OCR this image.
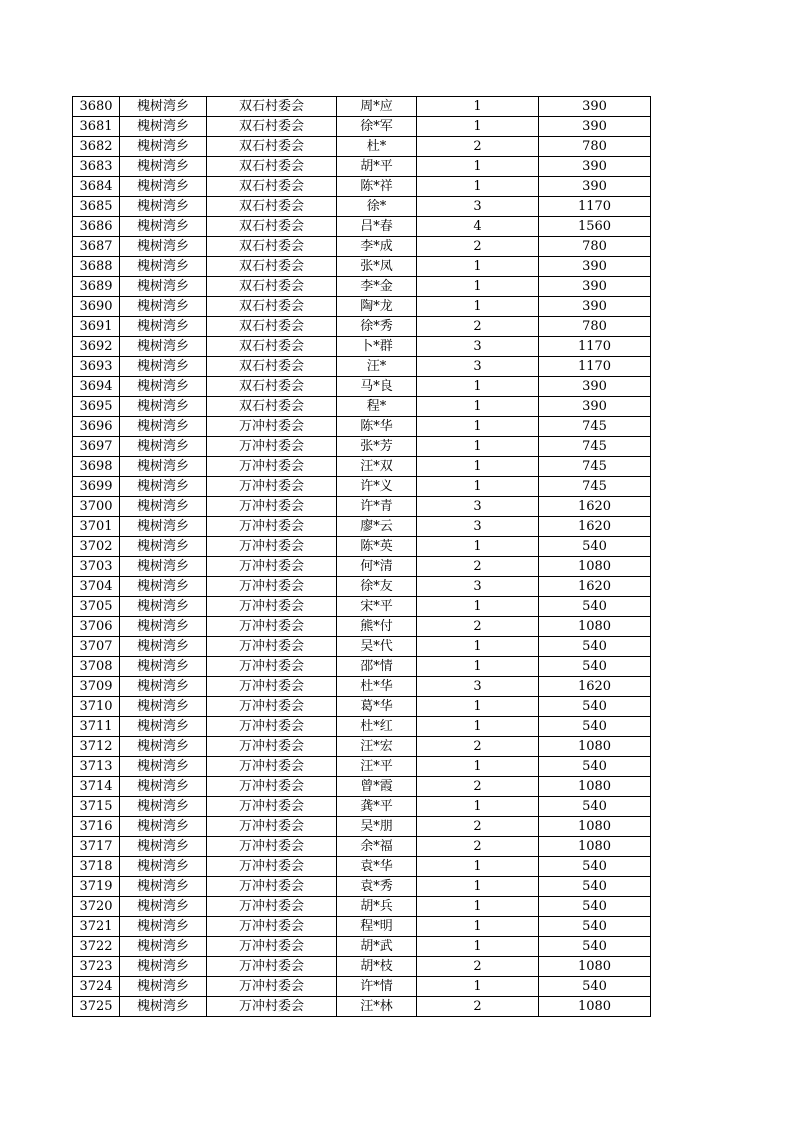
3680	槐树湾乡	双石村委会	周*应	1	390
3681	槐树湾乡	双石村委会	徐*军	1	390
3682	槐树湾乡	双石村委会	杜*	2	780
3683	槐树湾乡	双石村委会	胡*平	1	390
3684	槐树湾乡	双石村委会	陈*祥	1	390
3685	槐树湾乡	双石村委会	徐*	3	1170
3686	槐树湾乡	双石村委会	吕*春	4	1560
3687	槐树湾乡	双石村委会	李*成	2	780
3688	槐树湾乡	双石村委会	张*凤	1	390
3689	槐树湾乡	双石村委会	李*金	1	390
3690	槐树湾乡	双石村委会	陶*龙	1	390
3691	槐树湾乡	双石村委会	徐*秀	2	780
3692	槐树湾乡	双石村委会	卜*群	3	1170
3693	槐树湾乡	双石村委会	汪*	3	1170
3694	槐树湾乡	双石村委会	马*良	1	390
3695	槐树湾乡	双石村委会	程*	1	390
3696	槐树湾乡	万冲村委会	陈*华	1	745
3697	槐树湾乡	万冲村委会	张*芳	1	745
3698	槐树湾乡	万冲村委会	汪*双	1	745
3699	槐树湾乡	万冲村委会	许*义	1	745
3700	槐树湾乡	万冲村委会	许*青	3	1620
3701	槐树湾乡	万冲村委会	廖*云	3	1620
3702	槐树湾乡	万冲村委会	陈*英	1	540
3703	槐树湾乡	万冲村委会	何*清	2	1080
3704	槐树湾乡	万冲村委会	徐*友	3	1620
3705	槐树湾乡	万冲村委会	宋*平	1	540
3706	槐树湾乡	万冲村委会	熊*付	2	1080
3707	槐树湾乡	万冲村委会	吴*代	1	540
3708	槐树湾乡	万冲村委会	邵*情	1	540
3709	槐树湾乡	万冲村委会	杜*华	3	1620
3710	槐树湾乡	万冲村委会	葛*华	1	540
3711	槐树湾乡	万冲村委会	杜*红	1	540
3712	槐树湾乡	万冲村委会	汪*宏	2	1080
3713	槐树湾乡	万冲村委会	汪*平	1	540
3714	槐树湾乡	万冲村委会	曾*霞	2	1080
3715	槐树湾乡	万冲村委会	龚*平	1	540
3716	槐树湾乡	万冲村委会	吴*朋	2	1080
3717	槐树湾乡	万冲村委会	余*福	2	1080
3718	槐树湾乡	万冲村委会	袁*华	1	540
3719	槐树湾乡	万冲村委会	袁*秀	1	540
3720	槐树湾乡	万冲村委会	胡*兵	1	540
3721	槐树湾乡	万冲村委会	程*明	1	540
3722	槐树湾乡	万冲村委会	胡*武	1	540
3723	槐树湾乡	万冲村委会	胡*枝	2	1080
3724	槐树湾乡	万冲村委会	许*情	1	540
3725	槐树湾乡	万冲村委会	汪*林	2	1080
